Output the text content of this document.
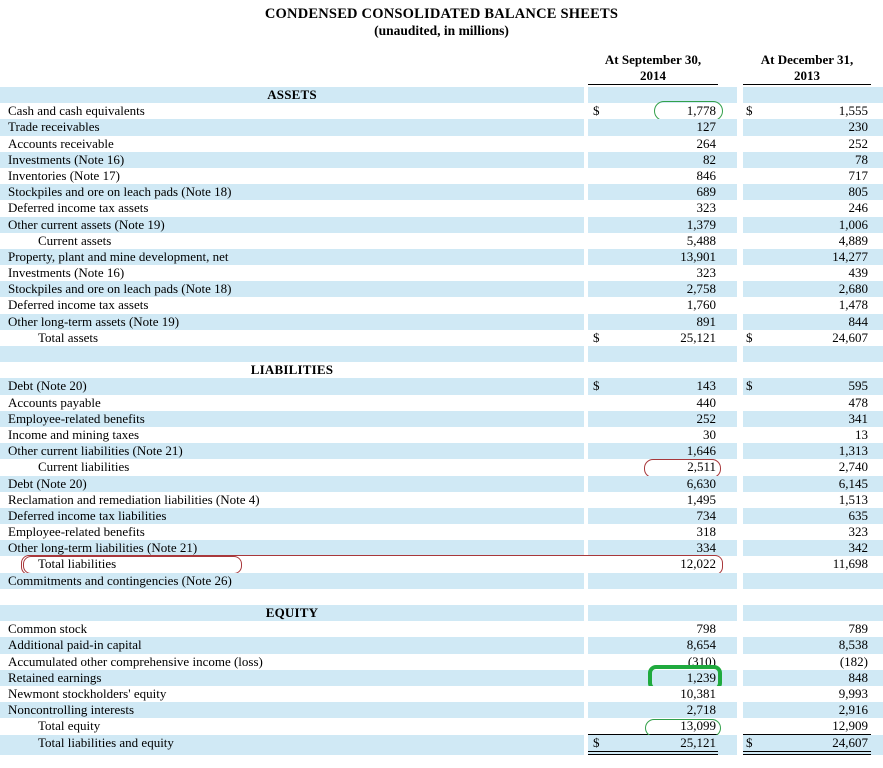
CONDENSED CONSOLIDATED BALANCE SHEETS
(unaudited, in millions)
At September 30,
2014
At December 31,
2013
ASSETS
Cash and cash equivalents	$	1,778 $	1,555
Trade receivables	127	230
Accounts receivable	264	252
Investments (Note 16)	82	78
Inventories (Note 17)	846	717
Stockpiles and ore on leach pads (Note 18)	689	805
Deferred income tax assets	323	246
Other current assets (Note 19)	1,379	1,006
Current assets	5,488	4,889
Property, plant and mine development, net	13,901	14,277
Investments (Note 16)	323	439
Stockpiles and ore on leach pads (Note 18)	2,758	2,680
Deferred income tax assets	1,760	1,478
Other long-term assets (Note 19)	891	844
Total assets	$	25,121 $	24,607
LIABILITIES
Debt (Note 20)	$	143 $	595
Accounts payable	440	478
Employee-related benefits	252	341
Income and mining taxes	30	13
Other current liabilities (Note 21)	1,646	1,313
Current liabilities	2,511	2,740
Debt (Note 20)	6,630	6,145
Reclamation and remediation liabilities (Note 4)	1,495	1,513
Deferred income tax liabilities	734	635
Employee-related benefits	318	323
Other long-term liabilities (Note 21)	334	342
Total liabilities	12,022	11,698
Commitments and contingencies (Note 26)
EQUITY
Common stock	798	789
Additional paid-in capital	8,654	8,538
Accumulated other comprehensive income (loss)	(310)	(182)
Retained earnings	1,239	848
Newmont stockholders' equity	10,381	9,993
Noncontrolling interests	2,718	2,916
Total equity	13,099	12,909
Total liabilities and equity	$	25,121 $	24,607
